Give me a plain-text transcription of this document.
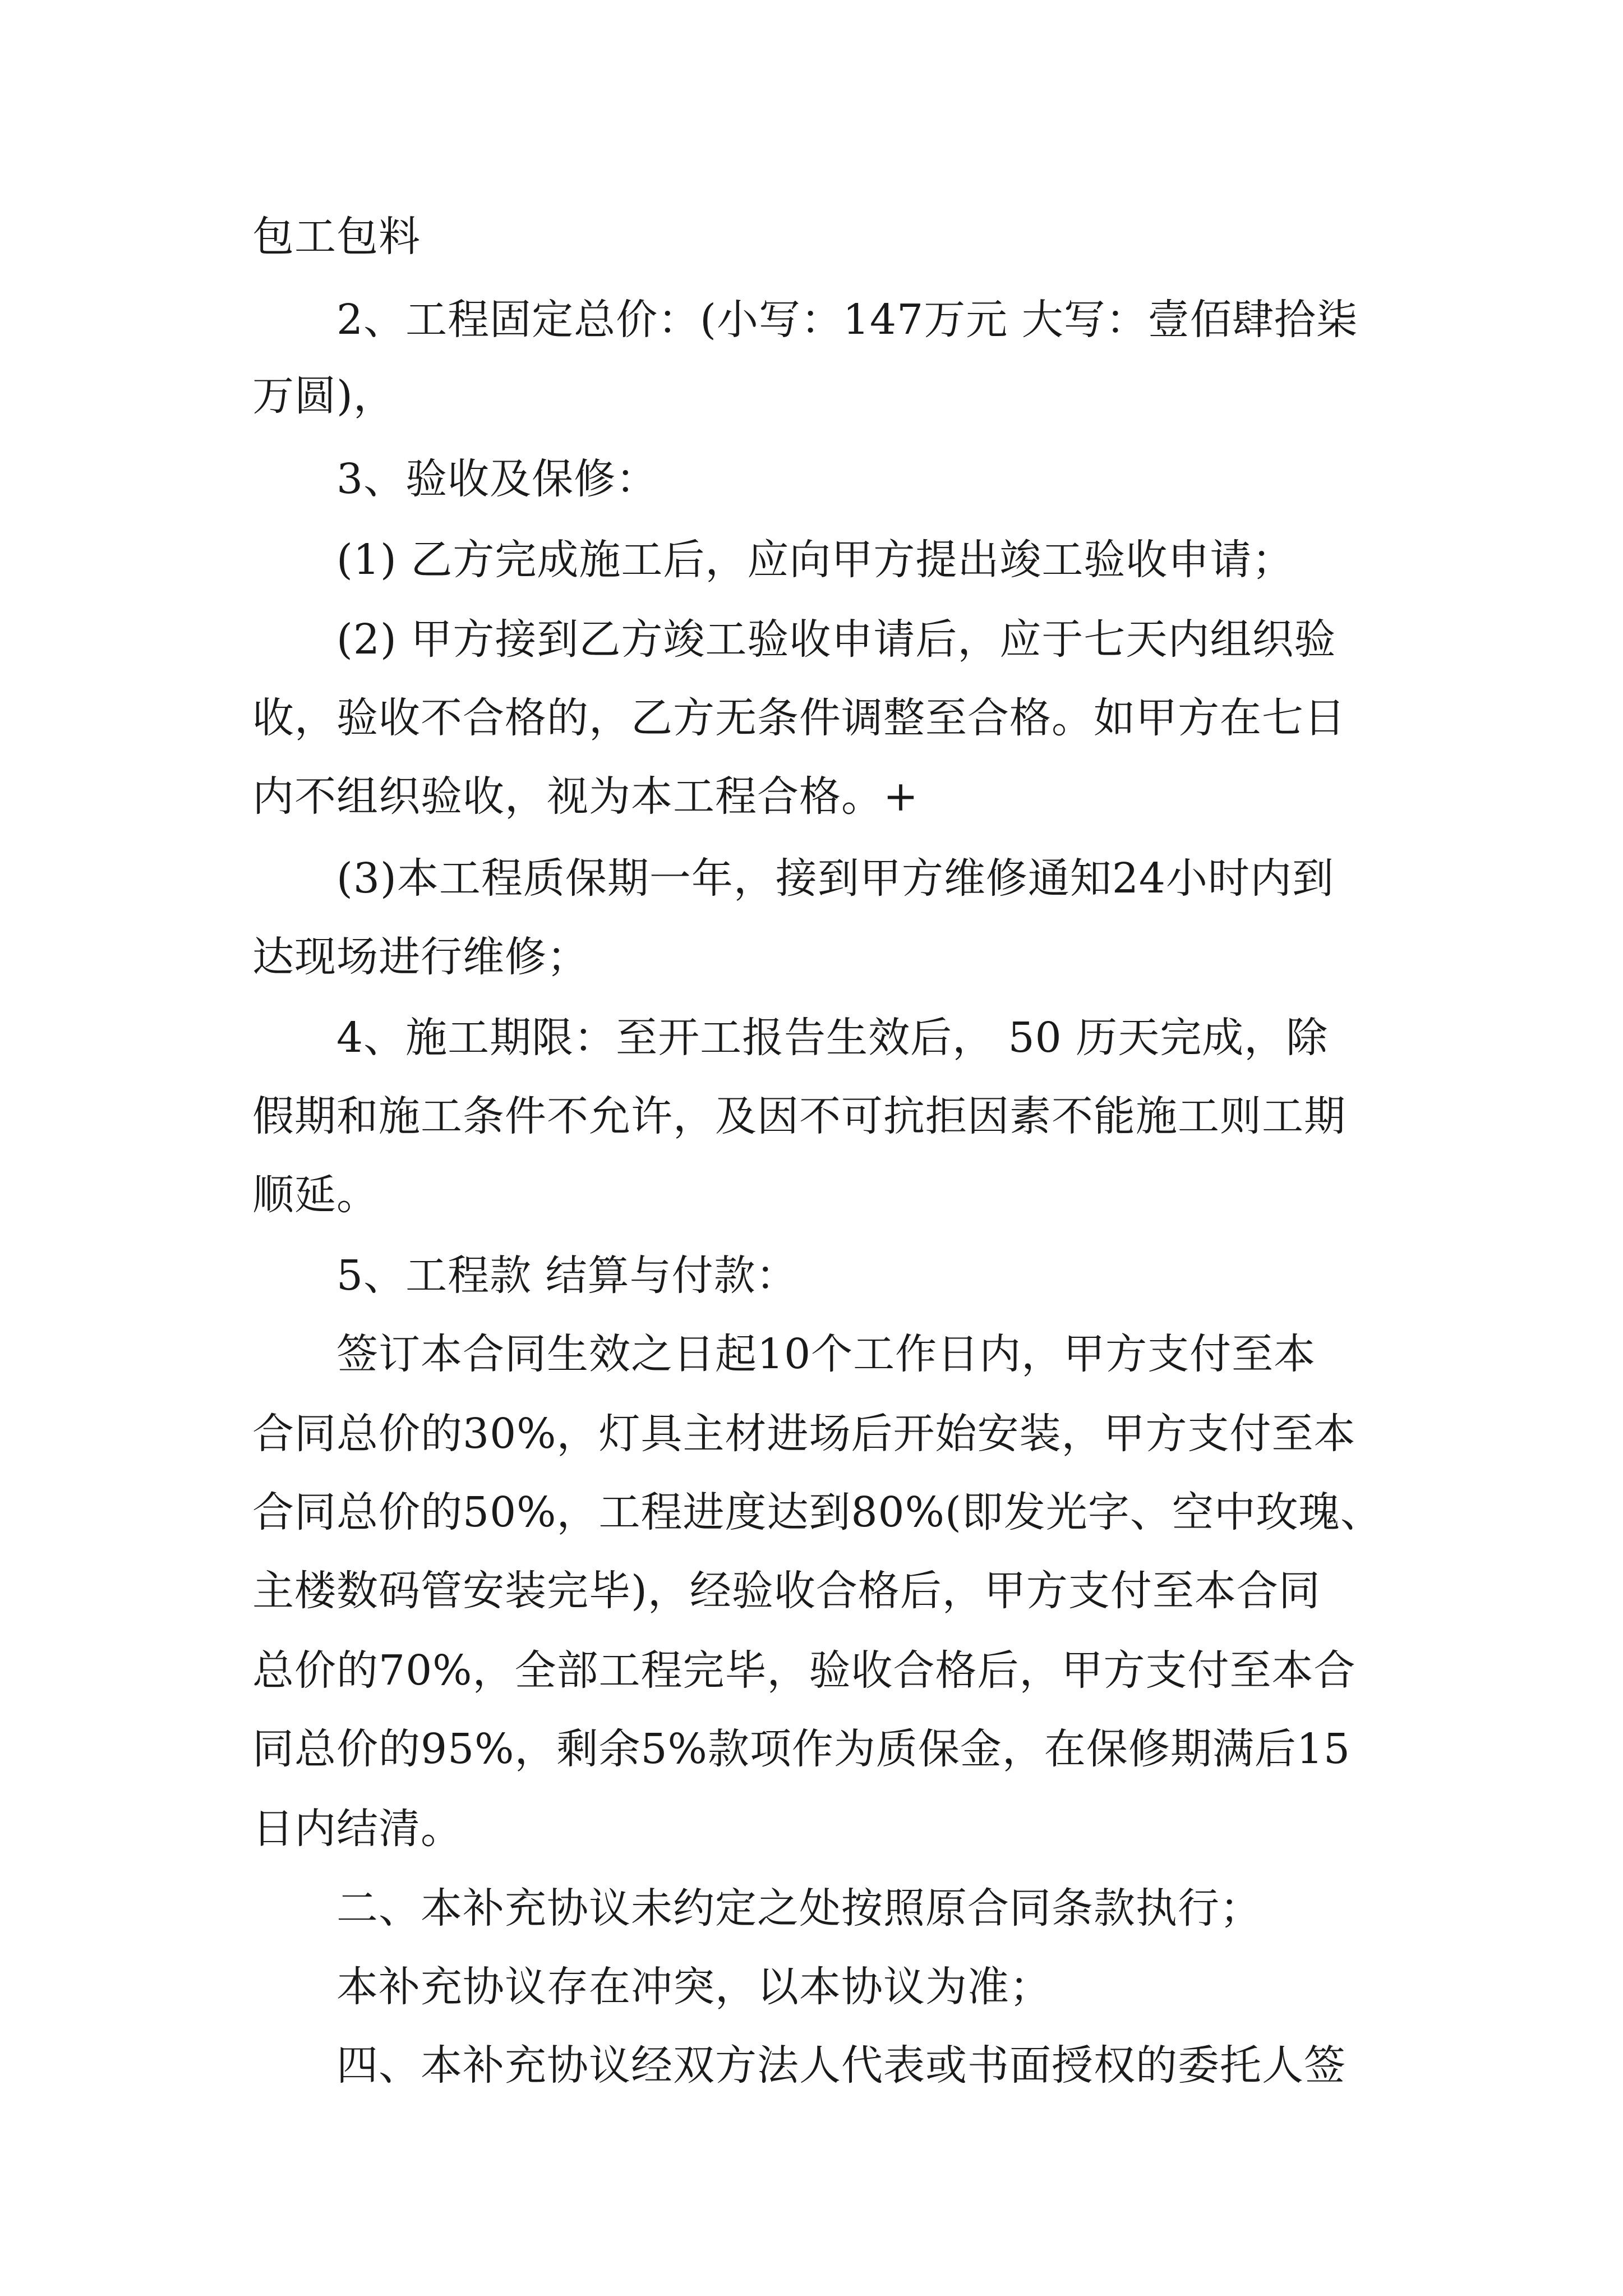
包工包料
2、工程固定总价：(小写：147万元 大写：壹佰肆拾柒
万圆)，
3、验收及保修：
(1) 乙方完成施工后，应向甲方提出竣工验收申请；
(2) 甲方接到乙方竣工验收申请后，应于七天内组织验
收，验收不合格的，乙方无条件调整至合格。如甲方在七日
内不组织验收，视为本工程合格。+
(3)本工程质保期一年，接到甲方维修通知24小时内到
达现场进行维修；
4、施工期限：至开工报告生效后， 50 历天完成，除
假期和施工条件不允许，及因不可抗拒因素不能施工则工期
顺延。
5、工程款 结算与付款：
签订本合同生效之日起10个工作日内，甲方支付至本
合同总价的30%，灯具主材进场后开始安装，甲方支付至本
合同总价的50%，工程进度达到80%(即发光字、空中玫瑰、
主楼数码管安装完毕)，经验收合格后，甲方支付至本合同
总价的70%，全部工程完毕，验收合格后，甲方支付至本合
同总价的95%，剩余5%款项作为质保金，在保修期满后15
日内结清。
二、本补充协议未约定之处按照原合同条款执行；
本补充协议存在冲突，以本协议为准；
四、本补充协议经双方法人代表或书面授权的委托人签
